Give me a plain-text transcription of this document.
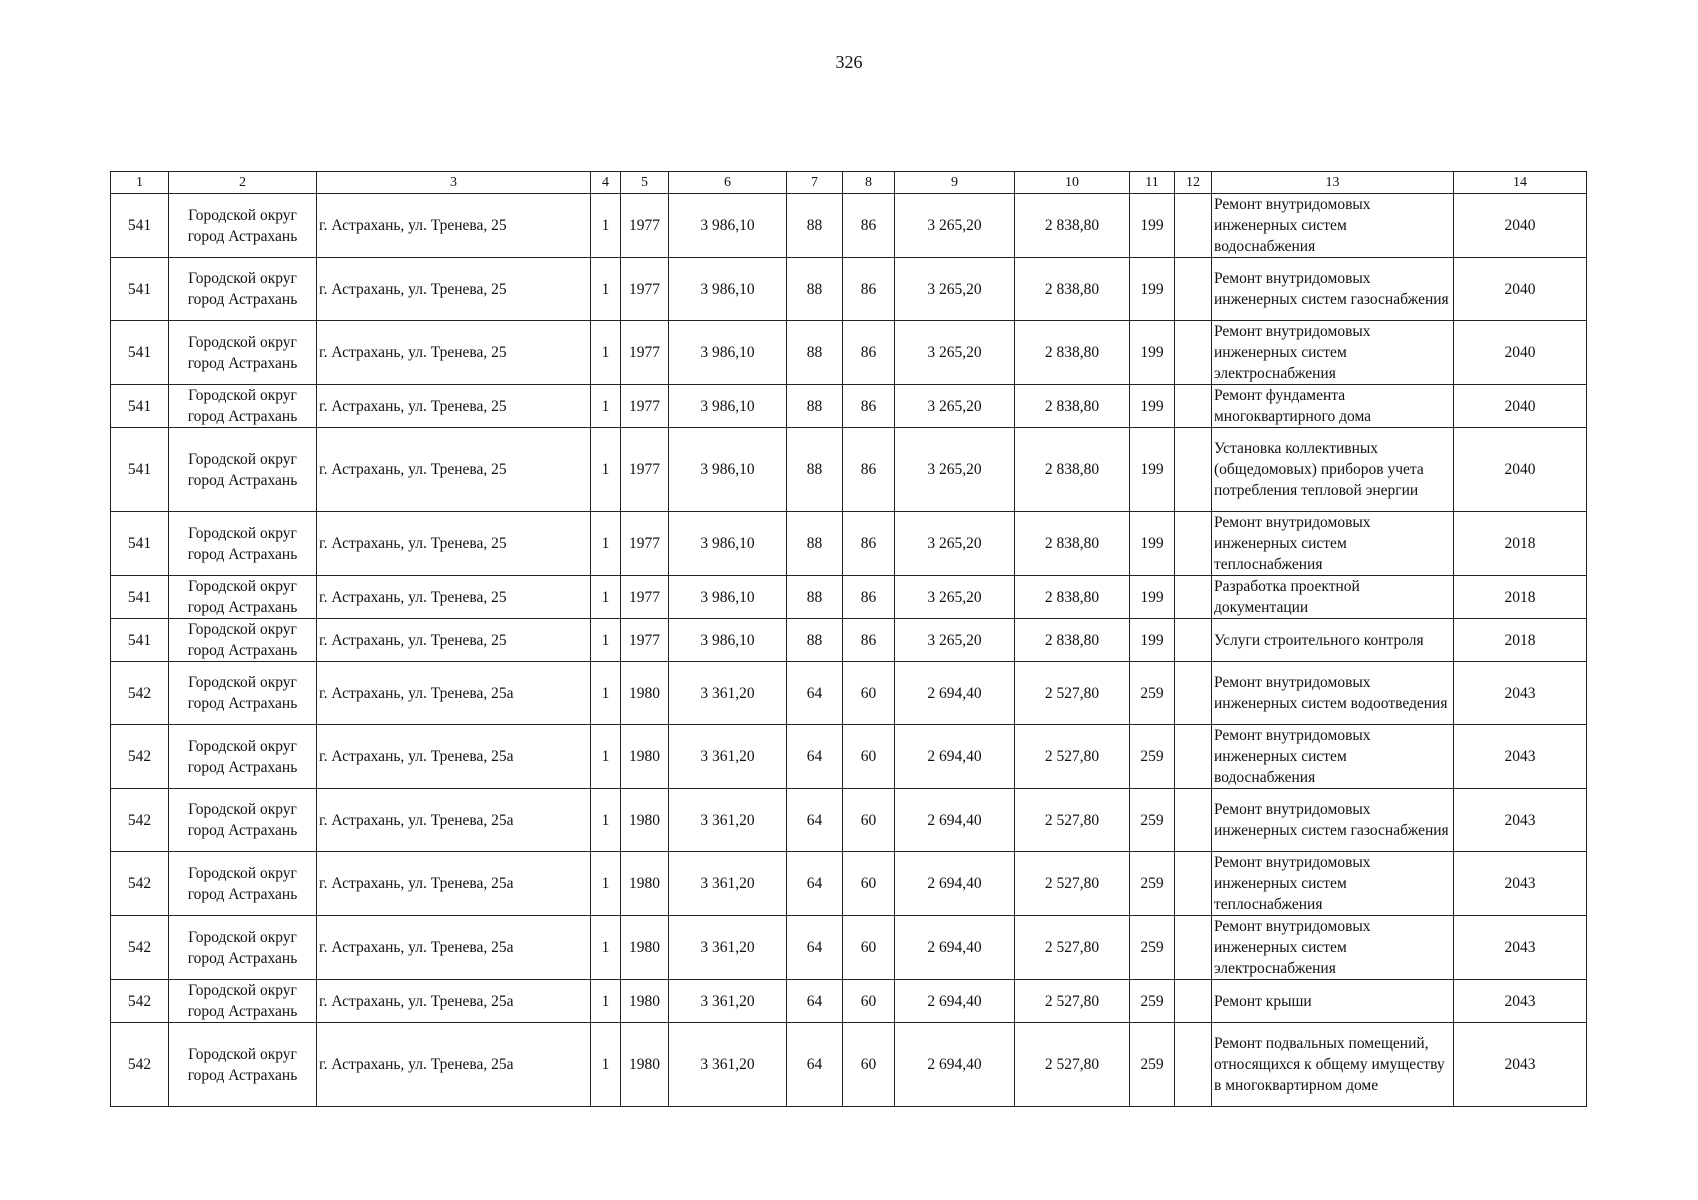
326
1	2	3	4	5	6	7	8	9	10	11	12	13	14
541	Городской округ город Астрахань	г. Астрахань, ул. Тренева, 25	1	1977	3 986,10	88	86	3 265,20	2 838,80	199		Ремонт внутридомовых инженерных систем водоснабжения	2040
541	Городской округ город Астрахань	г. Астрахань, ул. Тренева, 25	1	1977	3 986,10	88	86	3 265,20	2 838,80	199		Ремонт внутридомовых инженерных систем газоснабжения	2040
541	Городской округ город Астрахань	г. Астрахань, ул. Тренева, 25	1	1977	3 986,10	88	86	3 265,20	2 838,80	199		Ремонт внутридомовых инженерных систем электроснабжения	2040
541	Городской округ город Астрахань	г. Астрахань, ул. Тренева, 25	1	1977	3 986,10	88	86	3 265,20	2 838,80	199		Ремонт фундамента многоквартирного дома	2040
541	Городской округ город Астрахань	г. Астрахань, ул. Тренева, 25	1	1977	3 986,10	88	86	3 265,20	2 838,80	199		Установка коллективных (общедомовых) приборов учета потребления тепловой энергии	2040
541	Городской округ город Астрахань	г. Астрахань, ул. Тренева, 25	1	1977	3 986,10	88	86	3 265,20	2 838,80	199		Ремонт внутридомовых инженерных систем теплоснабжения	2018
541	Городской округ город Астрахань	г. Астрахань, ул. Тренева, 25	1	1977	3 986,10	88	86	3 265,20	2 838,80	199		Разработка проектной документации	2018
541	Городской округ город Астрахань	г. Астрахань, ул. Тренева, 25	1	1977	3 986,10	88	86	3 265,20	2 838,80	199		Услуги строительного контроля	2018
542	Городской округ город Астрахань	г. Астрахань, ул. Тренева, 25а	1	1980	3 361,20	64	60	2 694,40	2 527,80	259		Ремонт внутридомовых инженерных систем водоотведения	2043
542	Городской округ город Астрахань	г. Астрахань, ул. Тренева, 25а	1	1980	3 361,20	64	60	2 694,40	2 527,80	259		Ремонт внутридомовых инженерных систем водоснабжения	2043
542	Городской округ город Астрахань	г. Астрахань, ул. Тренева, 25а	1	1980	3 361,20	64	60	2 694,40	2 527,80	259		Ремонт внутридомовых инженерных систем газоснабжения	2043
542	Городской округ город Астрахань	г. Астрахань, ул. Тренева, 25а	1	1980	3 361,20	64	60	2 694,40	2 527,80	259		Ремонт внутридомовых инженерных систем теплоснабжения	2043
542	Городской округ город Астрахань	г. Астрахань, ул. Тренева, 25а	1	1980	3 361,20	64	60	2 694,40	2 527,80	259		Ремонт внутридомовых инженерных систем электроснабжения	2043
542	Городской округ город Астрахань	г. Астрахань, ул. Тренева, 25а	1	1980	3 361,20	64	60	2 694,40	2 527,80	259		Ремонт крыши	2043
542	Городской округ город Астрахань	г. Астрахань, ул. Тренева, 25а	1	1980	3 361,20	64	60	2 694,40	2 527,80	259		Ремонт подвальных помещений, относящихся к общему имуществу в многоквартирном доме	2043
